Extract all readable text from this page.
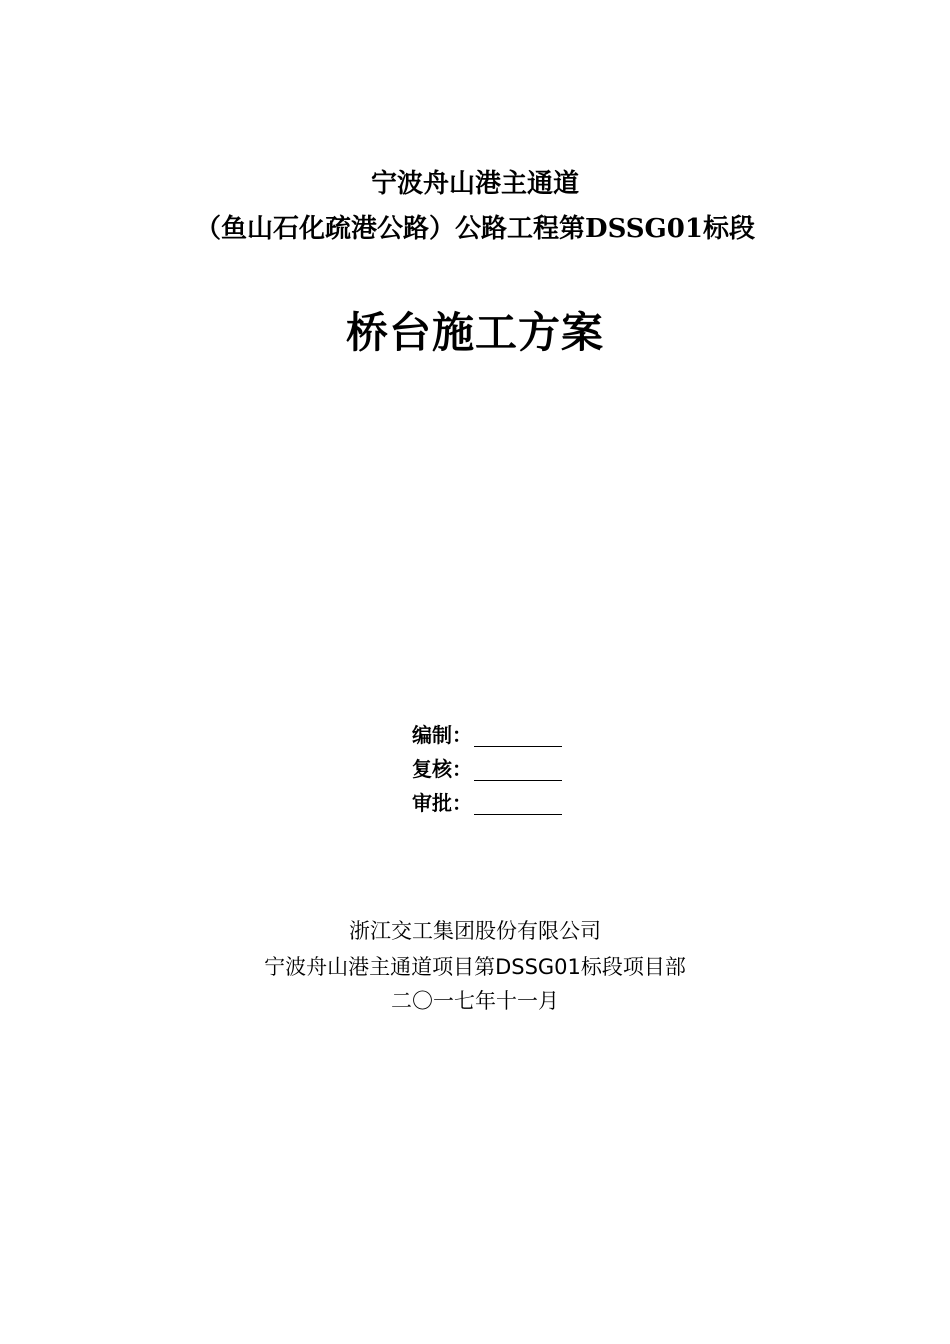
宁波舟山港主通道
（鱼山石化疏港公路）公路工程第DSSG01标段
桥台施工方案
编制：
复核：
审批：
浙江交工集团股份有限公司
宁波舟山港主通道项目第DSSG01标段项目部
二〇一七年十一月
